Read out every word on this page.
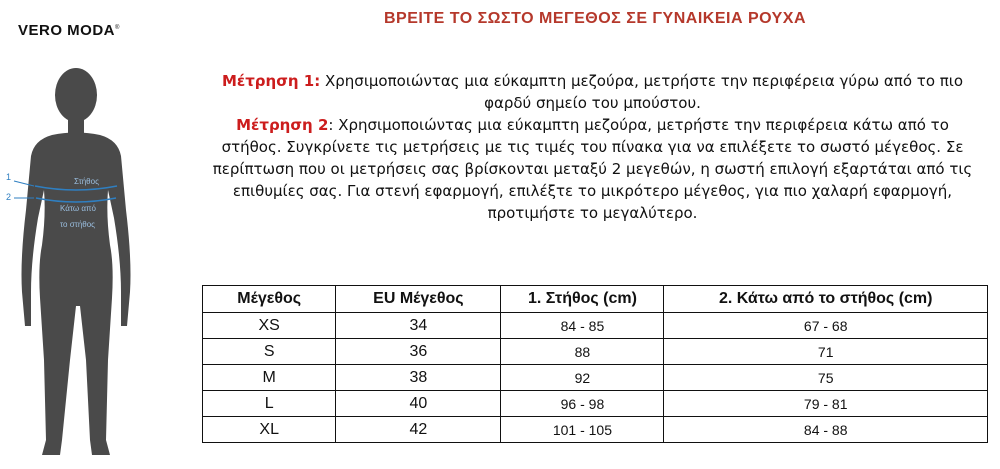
VERO MODA®
1
2
Στήθος
Κάτω από
το στήθος
ΒΡΕΙΤΕ ΤΟ ΣΩΣΤΟ ΜΕΓΕΘΟΣ ΣΕ ΓΥΝΑΙΚΕΙΑ ΡΟΥΧΑ

Μέτρηση 1: Χρησιμοποιώντας μια εύκαμπτη μεζούρα, μετρήστε την περιφέρεια γύρω από το πιο φαρδύ σημείο του μπούστου.

Μέτρηση 2: Χρησιμοποιώντας μια εύκαμπτη μεζούρα, μετρήστε την περιφέρεια κάτω από το στήθος. Συγκρίνετε τις μετρήσεις με τις τιμές του πίνακα για να επιλέξετε το σωστό μέγεθος. Σε περίπτωση που οι μετρήσεις σας βρίσκονται μεταξύ 2 μεγεθών, η σωστή επιλογή εξαρτάται από τις επιθυμίες σας. Για στενή εφαρμογή, επιλέξτε το μικρότερο μέγεθος, για πιο χαλαρή εφαρμογή, προτιμήστε το μεγαλύτερο.

Μέγεθος	EU Μέγεθος	1. Στήθος (cm)	2. Κάτω από το στήθος (cm)
XS	34	84 - 85	67 - 68
S	36	88	71
M	38	92	75
L	40	96 - 98	79 - 81
XL	42	101 - 105	84 - 88
